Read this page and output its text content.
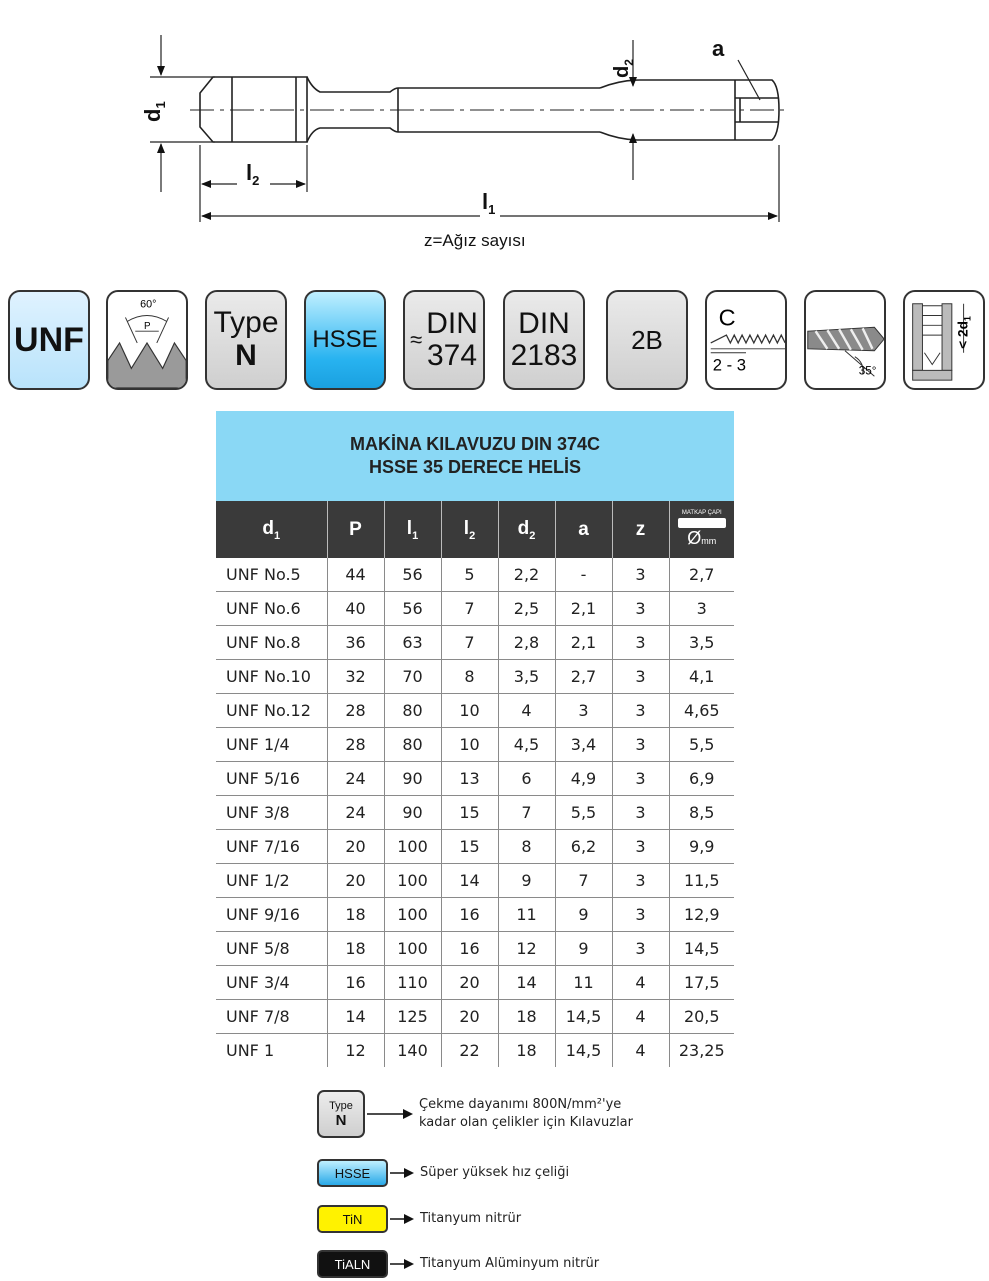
$d_1$
$l_2$
$l_1$
$d_2$
a
z=Ağız sayısı
UNF
60°
P Type
N HSSE ≈ DIN
374
DIN
2183 2B
C
2 - 3	35°
< $2d_1$
MAKİNA KILAVUZU DIN 374C
HSSE 35 DERECE HELİS
$d_1$	P	$l_1$	$l_2$	$d_2$	a	z	MATKAP ÇAPI
Ømm

UNF No.5	44	56	5	2,2	-	3	2,7
UNF No.6	40	56	7	2,5	2,1	3	3
UNF No.8	36	63	7	2,8	2,1	3	3,5
UNF No.10	32	70	8	3,5	2,7	3	4,1
UNF No.12	28	80	10	4	3	3	4,65
UNF 1/4	28	80	10	4,5	3,4	3	5,5
UNF 5/16	24	90	13	6	4,9	3	6,9
UNF 3/8	24	90	15	7	5,5	3	8,5
UNF 7/16	20	100	15	8	6,2	3	9,9
UNF 1/2	20	100	14	9	7	3	11,5
UNF 9/16	18	100	16	11	9	3	12,9
UNF 5/8	18	100	16	12	9	3	14,5
UNF 3/4	16	110	20	14	11	4	17,5
UNF 7/8	14	125	20	18	14,5	4	20,5
UNF 1	12	140	22	18	14,5	4	23,25
Type
N
Çekme dayanımı 800N/mm²'ye
kadar olan çelikler için Kılavuzlar
HSSE	Süper yüksek hız çeliği
TiN	Titanyum nitrür
TiALN	Titanyum Alüminyum nitrür
